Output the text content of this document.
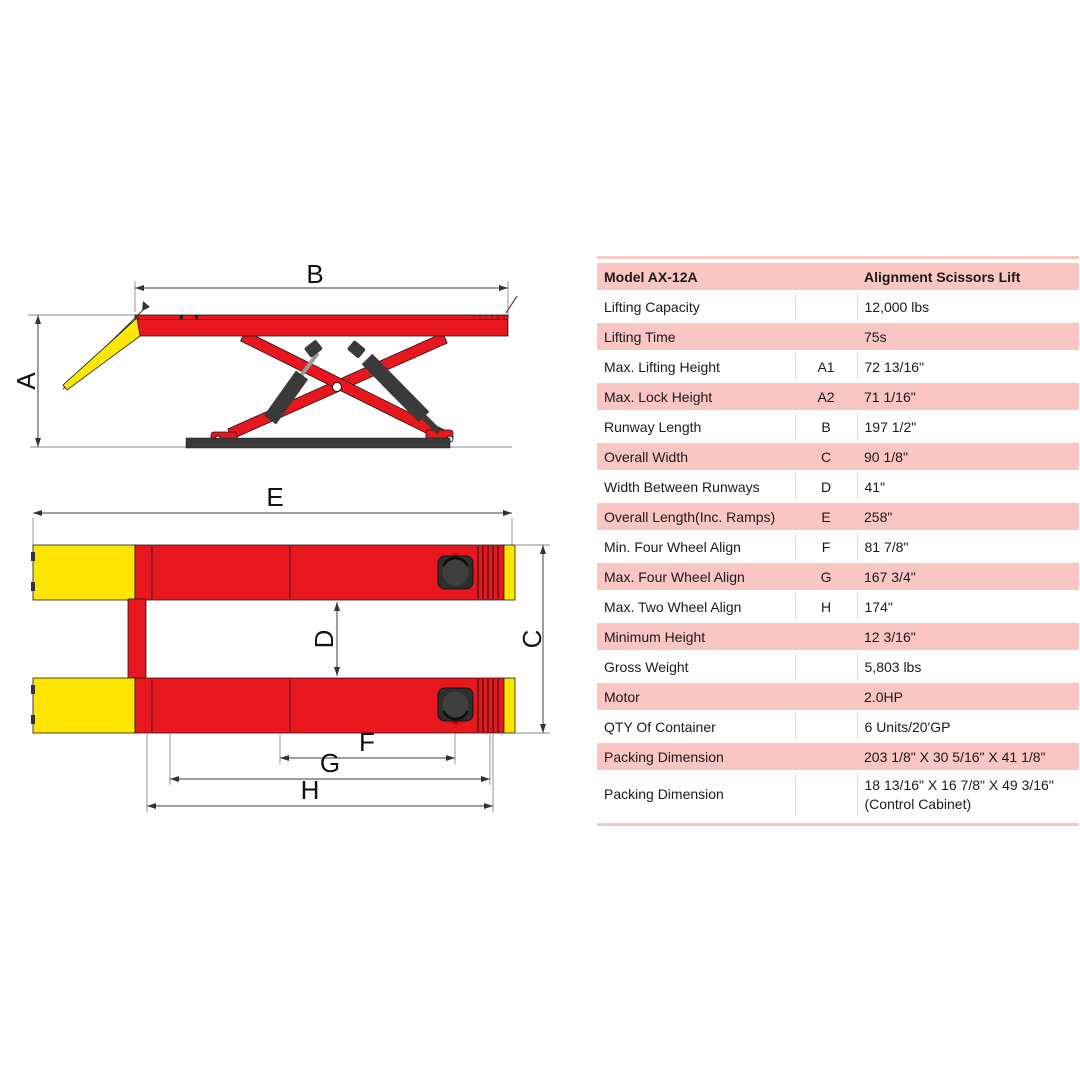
A
B
E
C
D
F
G
H
Model AX-12A		Alignment Scissors Lift
Lifting Capacity		12,000 lbs
Lifting Time		75s
Max. Lifting Height	A1	72 13/16"
Max. Lock Height	A2	71 1/16"
Runway Length	B	197 1/2"
Overall Width	C	90 1/8"
Width Between Runways	D	41"
Overall Length(Inc. Ramps)	E	258"
Min. Four Wheel Align	F	81 7/8"
Max. Four Wheel Align	G	167 3/4"
Max. Two Wheel Align	H	174"
Minimum Height		12 3/16"
Gross Weight		5,803 lbs
Motor		2.0HP
QTY Of Container		6 Units/20'GP
Packing Dimension		203 1/8" X 30 5/16" X 41 1/8"
Packing Dimension		18 13/16" X 16 7/8" X 49 3/16"
(Control Cabinet)
